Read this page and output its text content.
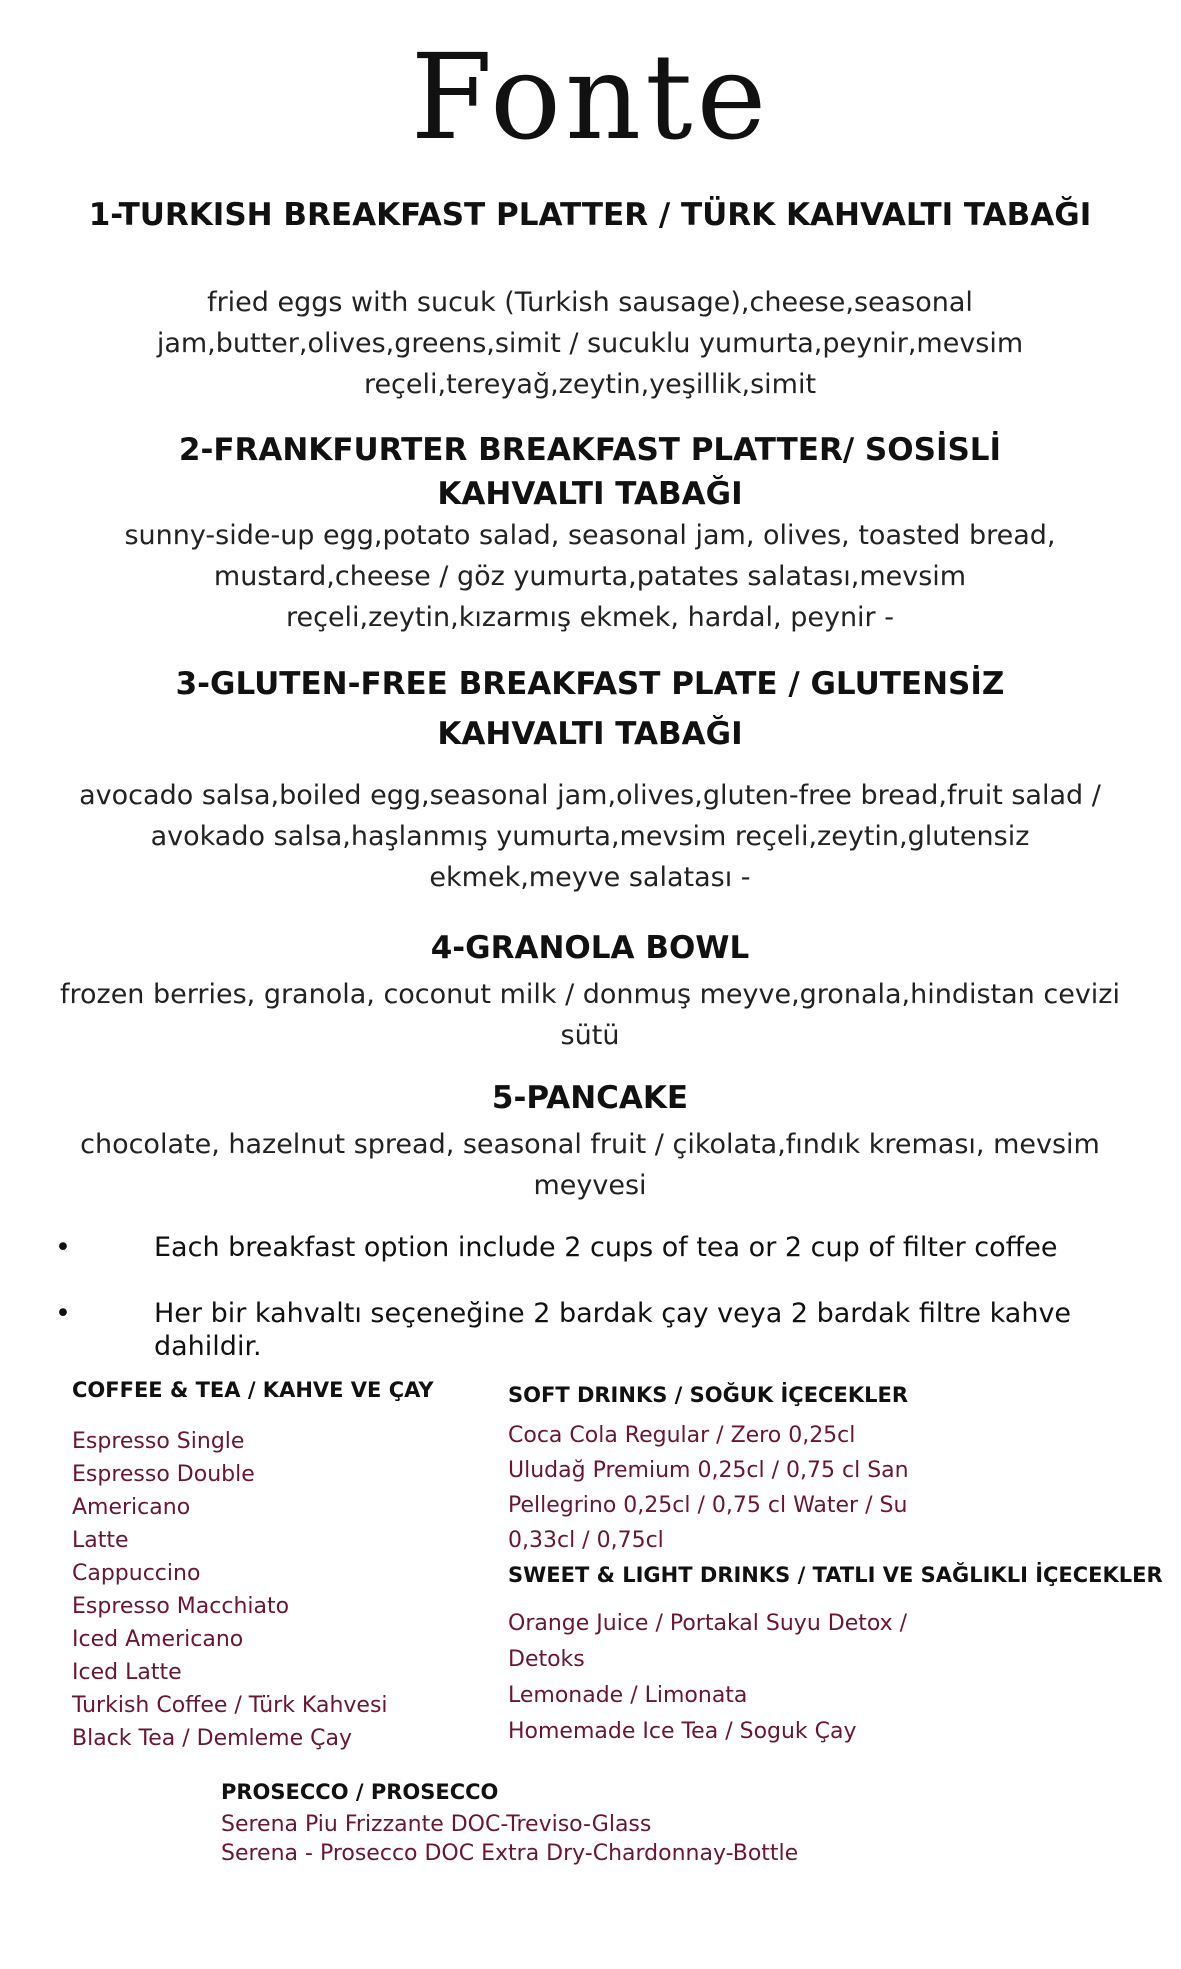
Fonte
1-TURKISH BREAKFAST PLATTER / TÜRK KAHVALTI TABAĞI
fried eggs with sucuk (Turkish sausage),cheese,seasonal jam,butter,olives,greens,simit / sucuklu yumurta,peynir,mevsim reçeli,tereyağ,zeytin,yeşillik,simit
2-FRANKFURTER BREAKFAST PLATTER/ SOSİSLİ KAHVALTI TABAĞI
sunny-side-up egg,potato salad, seasonal jam, olives, toasted bread, mustard,cheese / göz yumurta,patates salatası,mevsim reçeli,zeytin,kızarmış ekmek, hardal, peynir -
3-GLUTEN-FREE BREAKFAST PLATE / GLUTENSİZ KAHVALTI TABAĞI
avocado salsa,boiled egg,seasonal jam,olives,gluten-free bread,fruit salad / avokado salsa,haşlanmış yumurta,mevsim reçeli,zeytin,glutensiz ekmek,meyve salatası -
4-GRANOLA BOWL
frozen berries, granola, coconut milk / donmuş meyve,gronala,hindistan cevizi sütü
5-PANCAKE
chocolate, hazelnut spread, seasonal fruit / çikolata,fındık kreması, mevsim meyvesi
•	Each breakfast option include 2 cups of tea or 2 cup of filter coffee
•	Her bir kahvaltı seçeneğine 2 bardak çay veya 2 bardak filtre kahve dahildir.
COFFEE & TEA / KAHVE VE ÇAY
Espresso Single
Espresso Double
Americano
Latte
Cappuccino
Espresso Macchiato
Iced Americano
Iced Latte
Turkish Coffee / Türk Kahvesi
Black Tea / Demleme Çay
SOFT DRINKS / SOĞUK İÇECEKLER
Coca Cola Regular / Zero 0,25cl
Uludağ Premium 0,25cl / 0,75 cl San
Pellegrino 0,25cl / 0,75 cl Water / Su
0,33cl / 0,75cl
SWEET & LIGHT DRINKS / TATLI VE SAĞLIKLI İÇECEKLER
Orange Juice / Portakal Suyu Detox /
Detoks
Lemonade / Limonata
Homemade Ice Tea / Soguk Çay
PROSECCO / PROSECCO
Serena Piu Frizzante DOC-Treviso-Glass
Serena - Prosecco DOC Extra Dry-Chardonnay-Bottle
